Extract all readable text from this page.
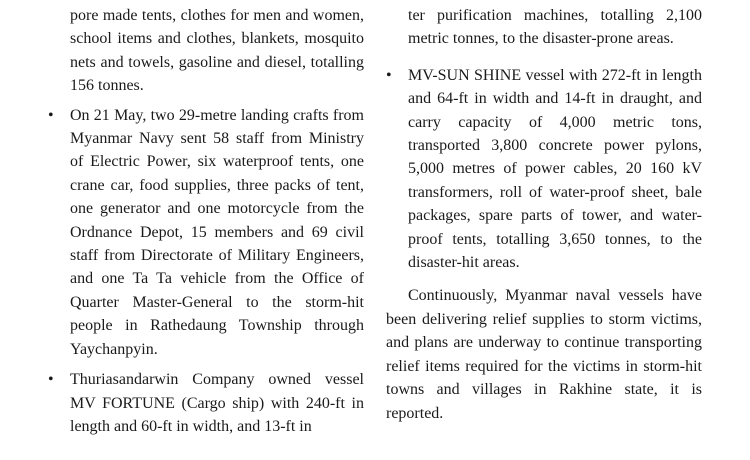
pore made tents, clothes for men and women, school items and clothes, blankets, mosquito nets and towels, gasoline and diesel, totalling 156 tonnes.

•	On 21 May, two 29-metre landing crafts from Myanmar Navy sent 58 staff from Ministry of Electric Power, six waterproof tents, one crane car, food supplies, three packs of tent, one generator and one motorcycle from the Ordnance Depot, 15 members and 69 civil staff from Directorate of Military Engineers, and one Ta Ta vehicle from the Office of Quarter Master-General to the storm-hit people in Rathedaung Township through Yaychanpyin.
•	Thuriasandarwin Company owned vessel MV FORTUNE (Cargo ship) with 240-ft in length and 60-ft in width, and 13-ft in

ter purification machines, totalling 2,100 metric tonnes, to the disaster-prone areas.

•	MV-SUN SHINE vessel with 272-ft in length and 64-ft in width and 14-ft in draught, and carry capacity of 4,000 metric tons, transported 3,800 concrete power pylons, 5,000 metres of power cables, 20 160 kV transformers, roll of water-proof sheet, bale packages, spare parts of tower, and water-proof tents, totalling 3,650 tonnes, to the disaster-hit areas.

Continuously, Myanmar naval vessels have been delivering relief supplies to storm victims, and plans are underway to continue transporting relief items required for the victims in storm-hit towns and villages in Rakhine state, it is reported.
